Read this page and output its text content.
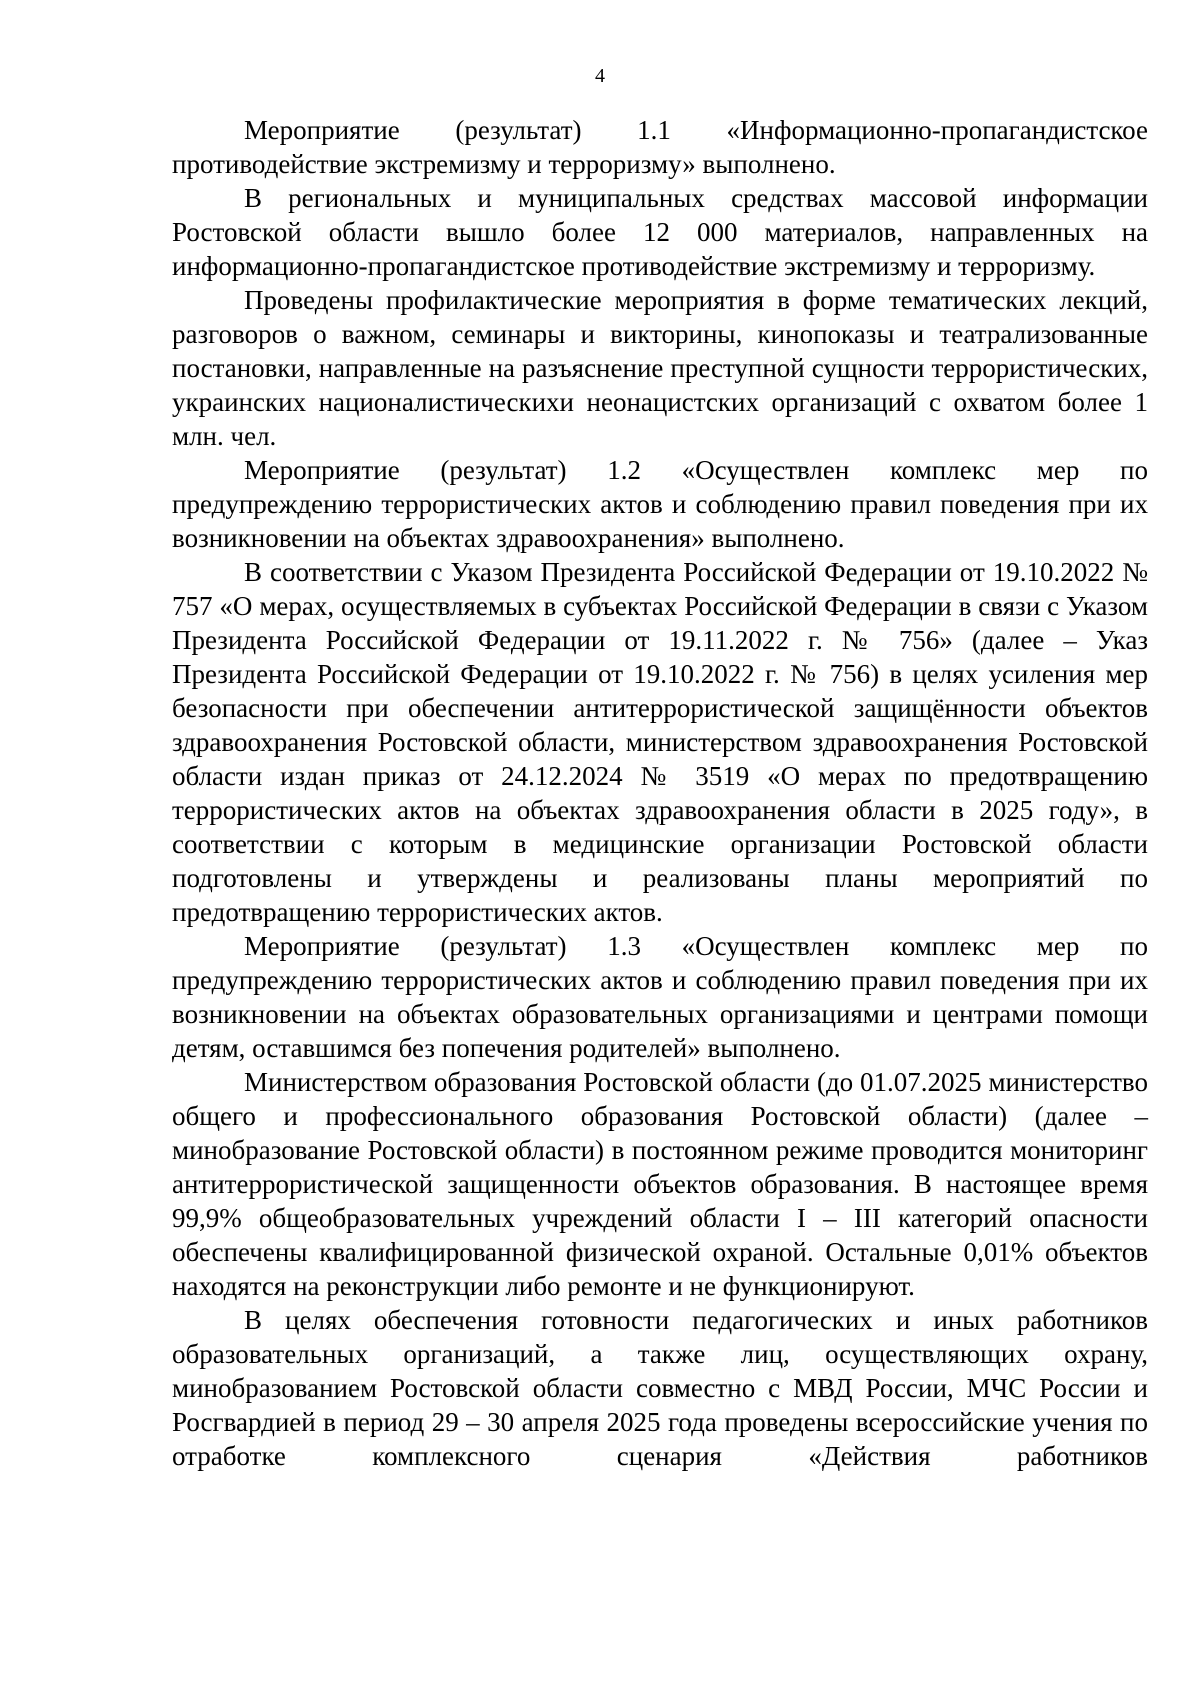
4

Мероприятие (результат) 1.1 «Информационно-пропагандистское противодействие экстремизму и терроризму» выполнено.

В региональных и муниципальных средствах массовой информации Ростовской области вышло более 12 000 материалов, направленных на информационно-пропагандистское противодействие экстремизму и терроризму.

Проведены профилактические мероприятия в форме тематических лекций, разговоров о важном, семинары и викторины, кинопоказы и театрализованные постановки, направленные на разъяснение преступной сущности террористических, украинских националистическихи неонацистских организаций с охватом более 1 млн. чел.

Мероприятие (результат) 1.2 «Осуществлен комплекс мер по предупреждению террористических актов и соблюдению правил поведения при их возникновении на объектах здравоохранения» выполнено.

В соответствии с Указом Президента Российской Федерации от 19.10.2022 № 757 «О мерах, осуществляемых в субъектах Российской Федерации в связи с Указом Президента Российской Федерации от 19.11.2022 г. № 756» (далее – Указ Президента Российской Федерации от 19.10.2022 г. № 756) в целях усиления мер безопасности при обеспечении антитеррористической защищённости объектов здравоохранения Ростовской области, министерством здравоохранения Ростовской области издан приказ от 24.12.2024 № 3519 «О мерах по предотвращению террористических актов на объектах здравоохранения области в 2025 году», в соответствии с которым в медицинские организации Ростовской области подготовлены и утверждены и реализованы планы мероприятий по предотвращению террористических актов.

Мероприятие (результат) 1.3 «Осуществлен комплекс мер по предупреждению террористических актов и соблюдению правил поведения при их возникновении на объектах образовательных организациями и центрами помощи детям, оставшимся без попечения родителей» выполнено.

Министерством образования Ростовской области (до 01.07.2025 министерство общего и профессионального образования Ростовской области) (далее – минобразование Ростовской области) в постоянном режиме проводится мониторинг антитеррористической защищенности объектов образования. В настоящее время 99,9% общеобразовательных учреждений области I – III категорий опасности обеспечены квалифицированной физической охраной. Остальные 0,01% объектов находятся на реконструкции либо ремонте и не функционируют.

В целях обеспечения готовности педагогических и иных работников образовательных организаций, а также лиц, осуществляющих охрану, минобразованием Ростовской области совместно с МВД России, МЧС России и Росгвардией в период 29 – 30 апреля 2025 года проведены всероссийские учения по отработке комплексного сценария «Действия работников
